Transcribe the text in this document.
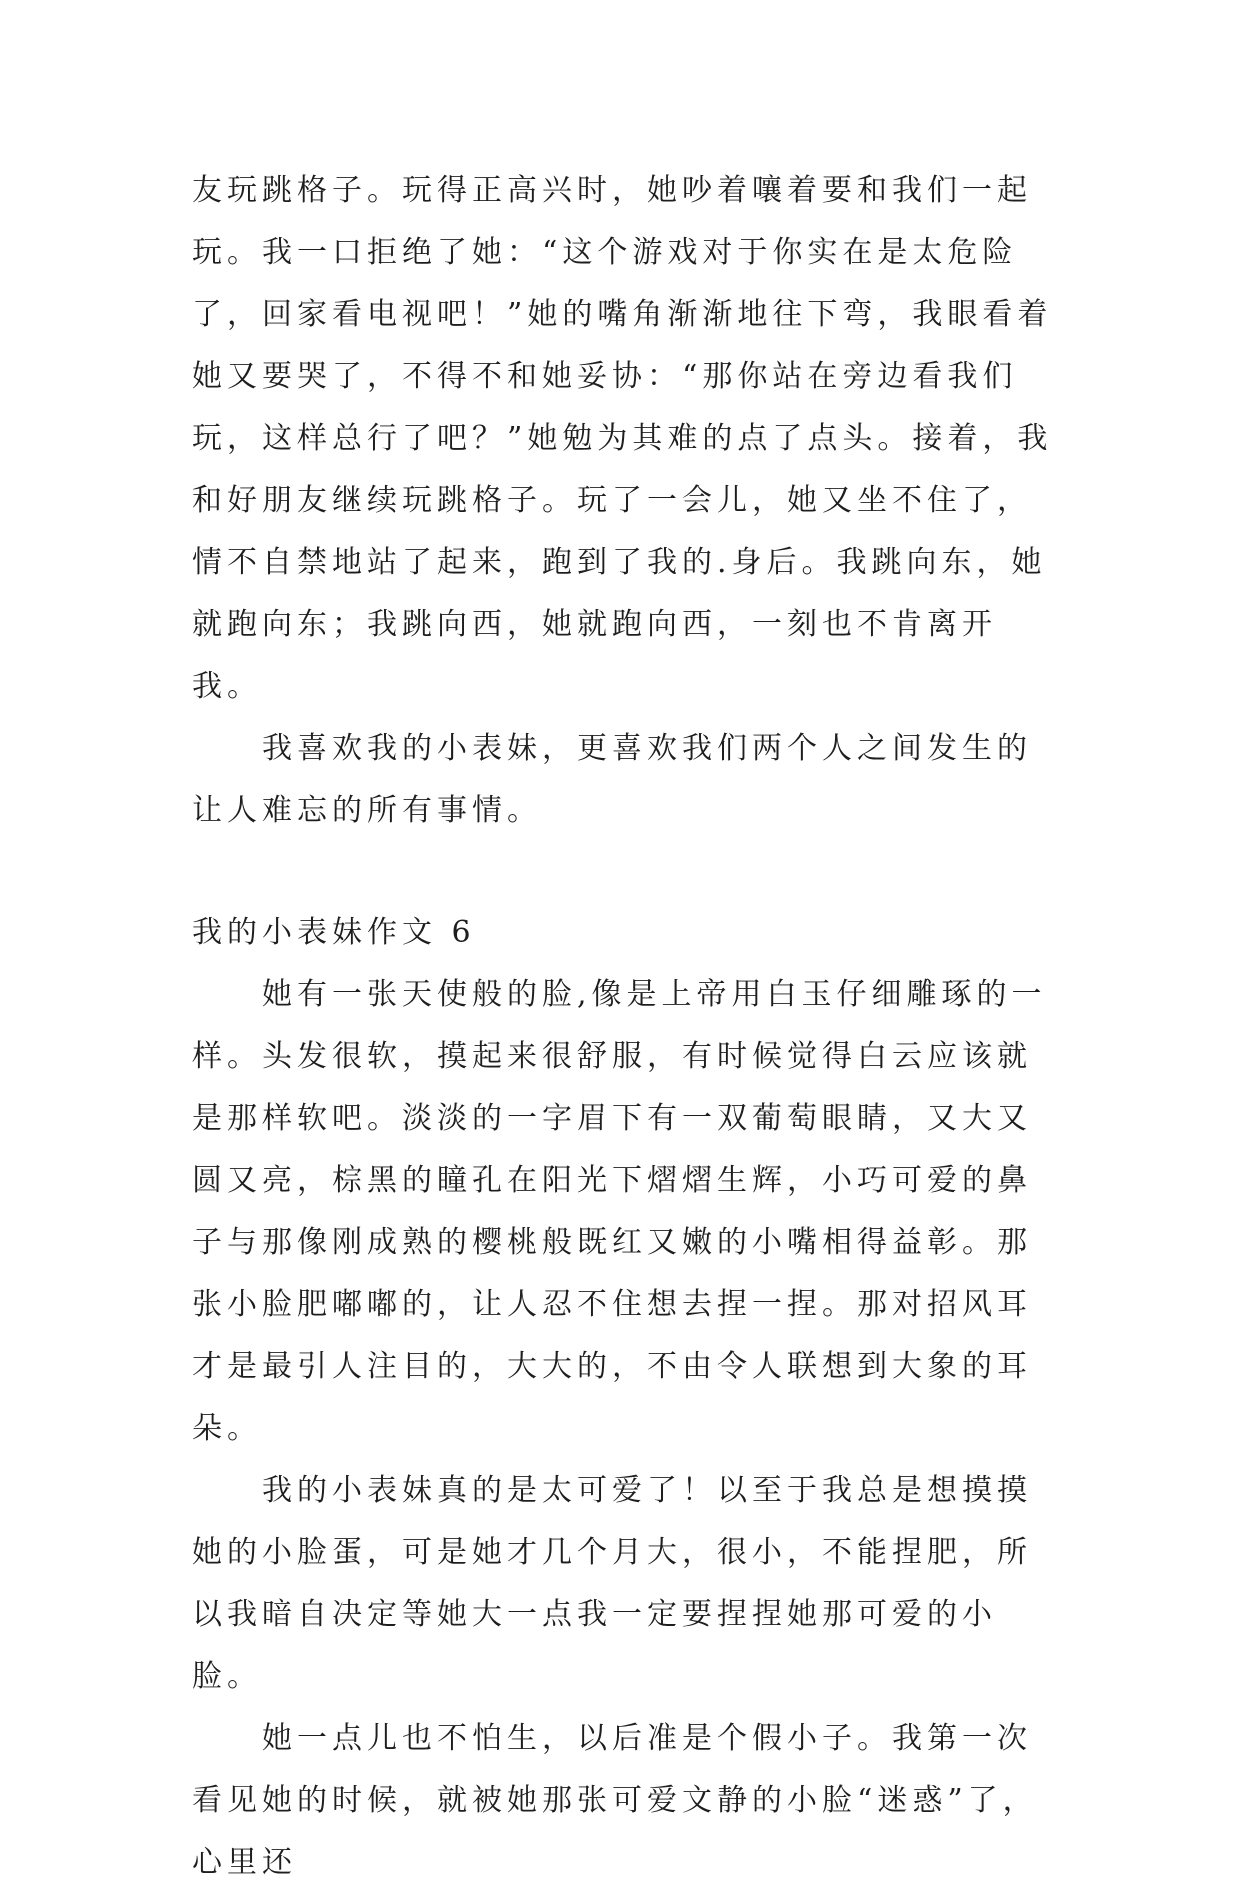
友玩跳格子。玩得正高兴时，她吵着嚷着要和我们一起玩。我一口拒绝了她：“这个游戏对于你实在是太危险了，回家看电视吧！”她的嘴角渐渐地往下弯，我眼看着她又要哭了，不得不和她妥协：“那你站在旁边看我们玩，这样总行了吧？”她勉为其难的点了点头。接着，我和好朋友继续玩跳格子。玩了一会儿，她又坐不住了，情不自禁地站了起来，跑到了我的.身后。我跳向东，她就跑向东；我跳向西，她就跑向西，一刻也不肯离开我。

我喜欢我的小表妹，更喜欢我们两个人之间发生的让人难忘的所有事情。

我的小表妹作文 6

她有一张天使般的脸,像是上帝用白玉仔细雕琢的一样。头发很软，摸起来很舒服，有时候觉得白云应该就是那样软吧。淡淡的一字眉下有一双葡萄眼睛，又大又圆又亮，棕黑的瞳孔在阳光下熠熠生辉，小巧可爱的鼻子与那像刚成熟的樱桃般既红又嫩的小嘴相得益彰。那张小脸肥嘟嘟的，让人忍不住想去捏一捏。那对招风耳才是最引人注目的，大大的，不由令人联想到大象的耳朵。

我的小表妹真的是太可爱了！以至于我总是想摸摸她的小脸蛋，可是她才几个月大，很小，不能捏肥，所以我暗自决定等她大一点我一定要捏捏她那可爱的小脸。

她一点儿也不怕生，以后准是个假小子。我第一次看见她的时候，就被她那张可爱文静的小脸“迷惑”了，心里还
